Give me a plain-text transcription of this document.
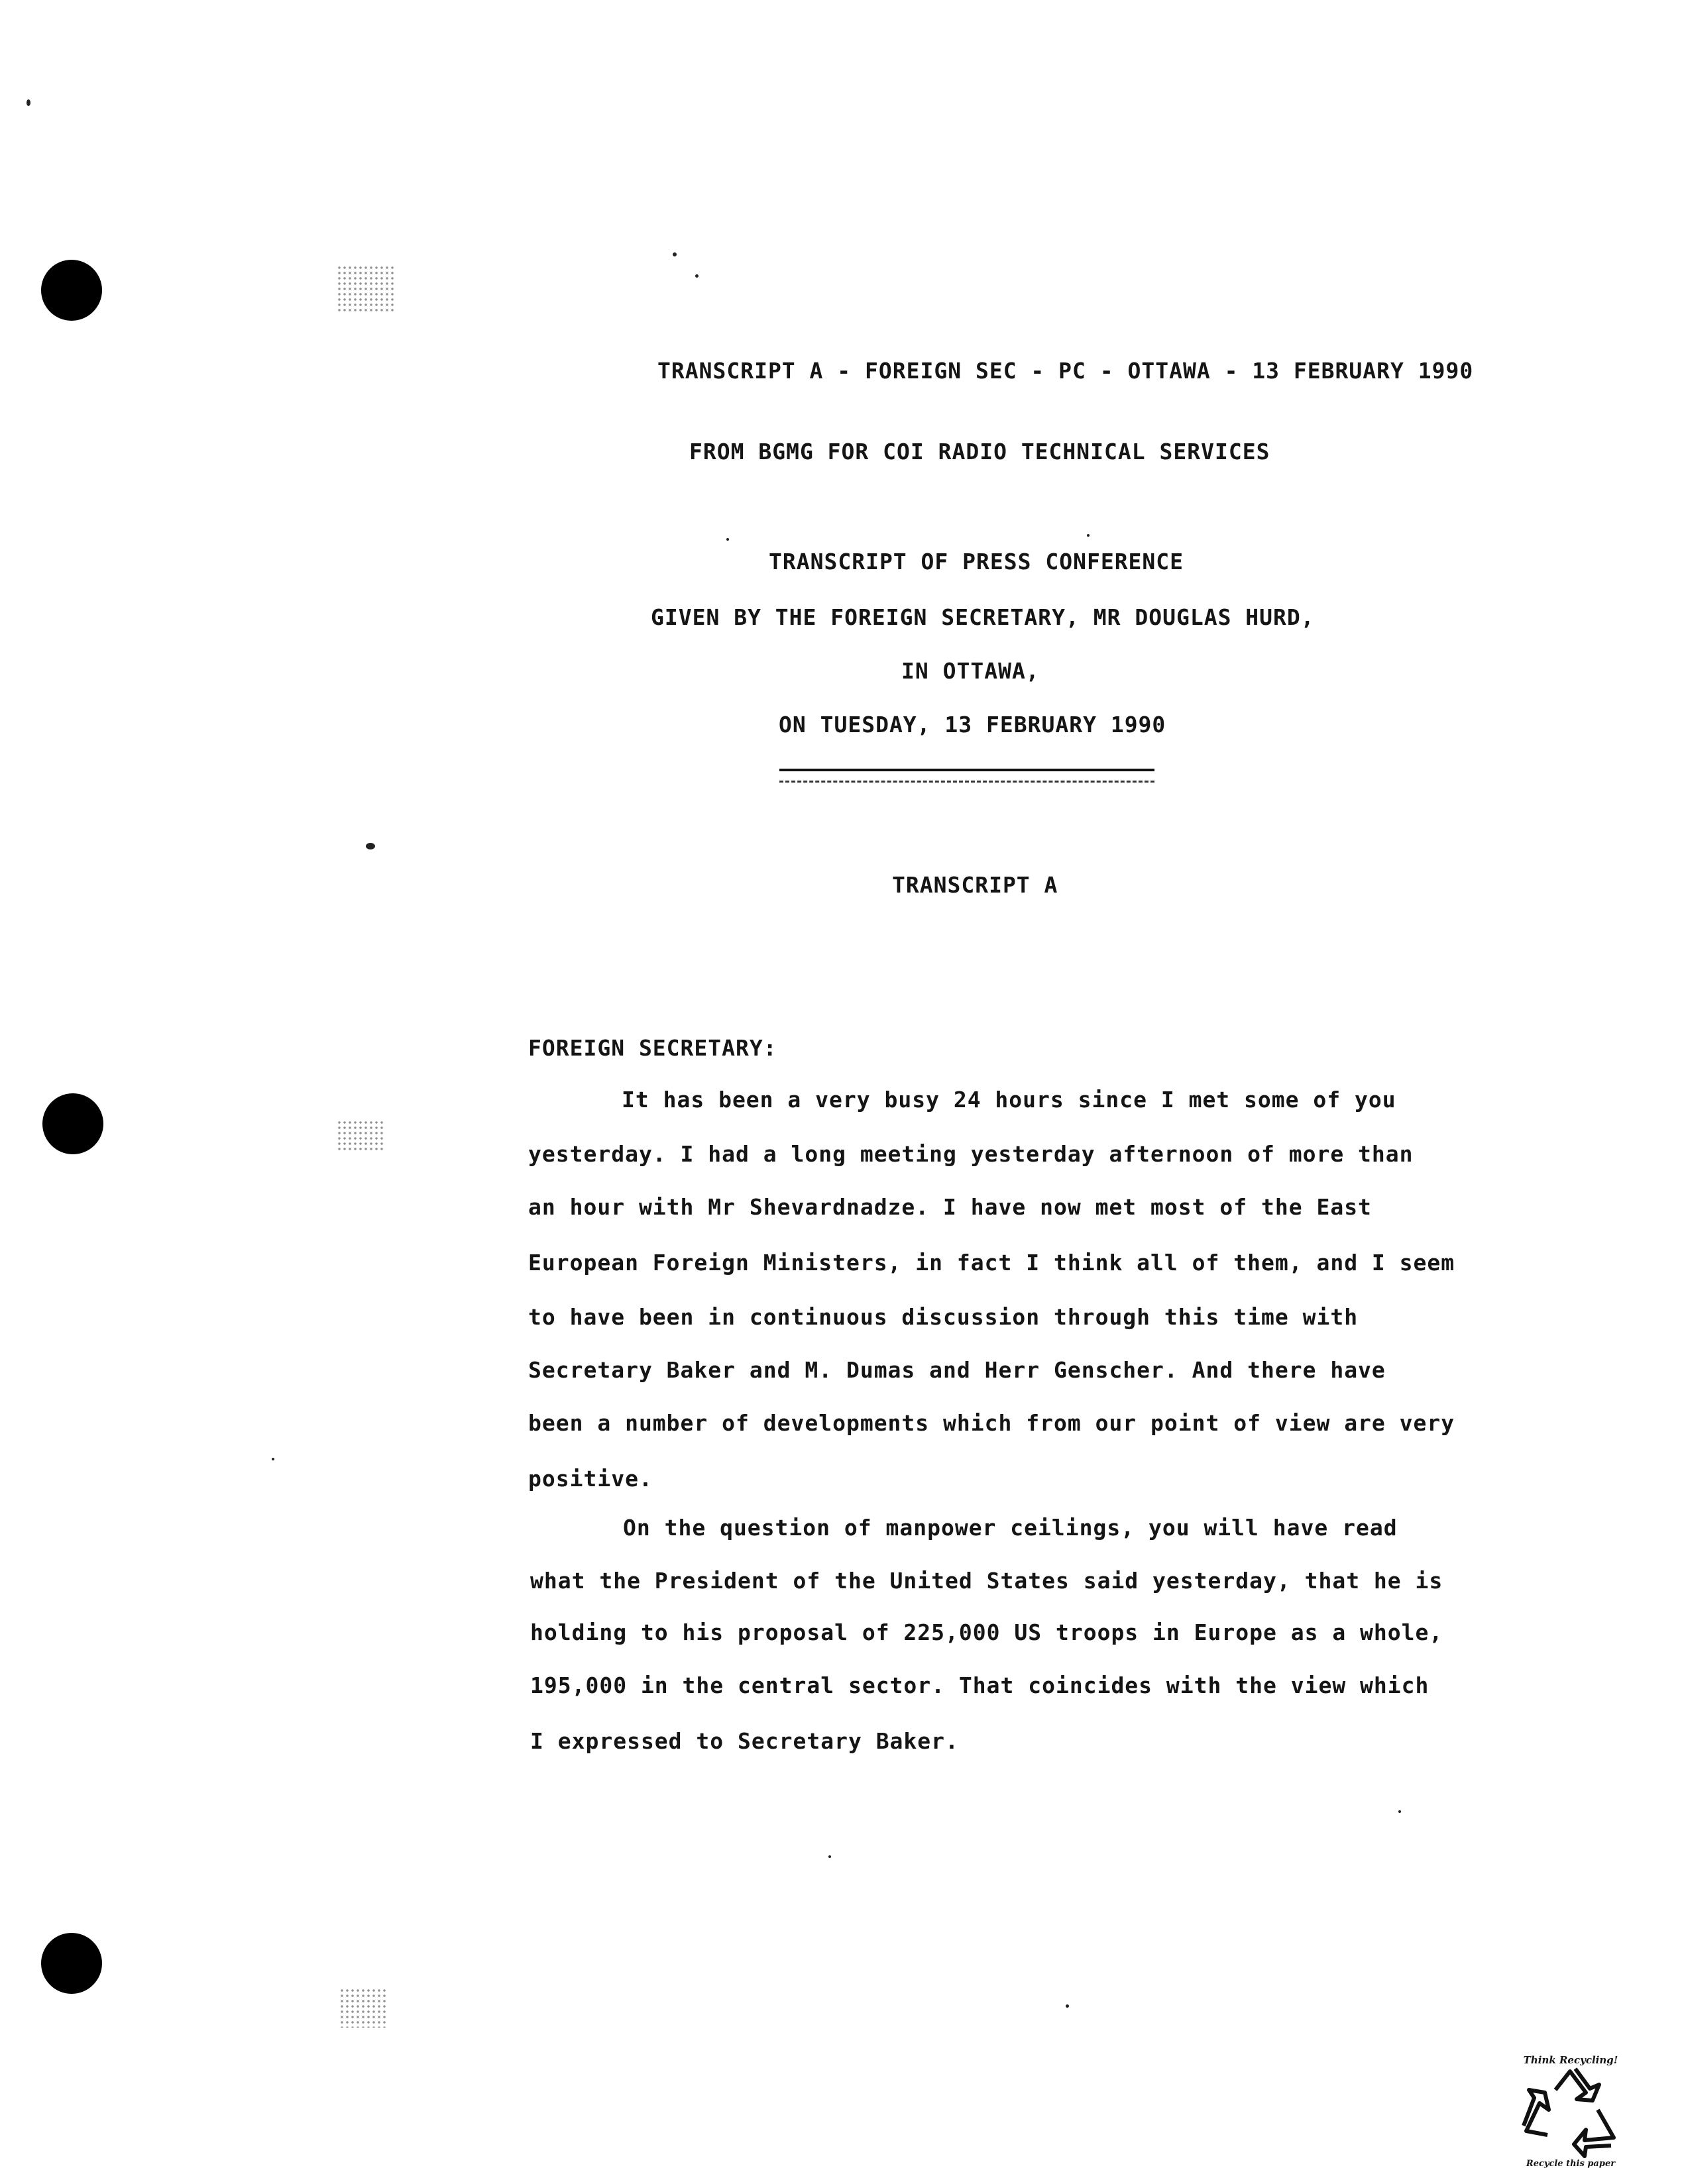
TRANSCRIPT A - FOREIGN SEC - PC - OTTAWA - 13 FEBRUARY 1990
FROM BGMG FOR COI RADIO TECHNICAL SERVICES
TRANSCRIPT OF PRESS CONFERENCE
GIVEN BY THE FOREIGN SECRETARY, MR DOUGLAS HURD,
IN OTTAWA,
ON TUESDAY, 13 FEBRUARY 1990
TRANSCRIPT A
FOREIGN SECRETARY:
It has been a very busy 24 hours since I met some of you
yesterday. I had a long meeting yesterday afternoon of more than
an hour with Mr Shevardnadze. I have now met most of the East
European Foreign Ministers, in fact I think all of them, and I seem
to have been in continuous discussion through this time with
Secretary Baker and M. Dumas and Herr Genscher. And there have
been a number of developments which from our point of view are very
positive.
On the question of manpower ceilings, you will have read
what the President of the United States said yesterday, that he is
holding to his proposal of 225,000 US troops in Europe as a whole,
195,000 in the central sector. That coincides with the view which
I expressed to Secretary Baker.
Think Recycling!
Recycle this paper
